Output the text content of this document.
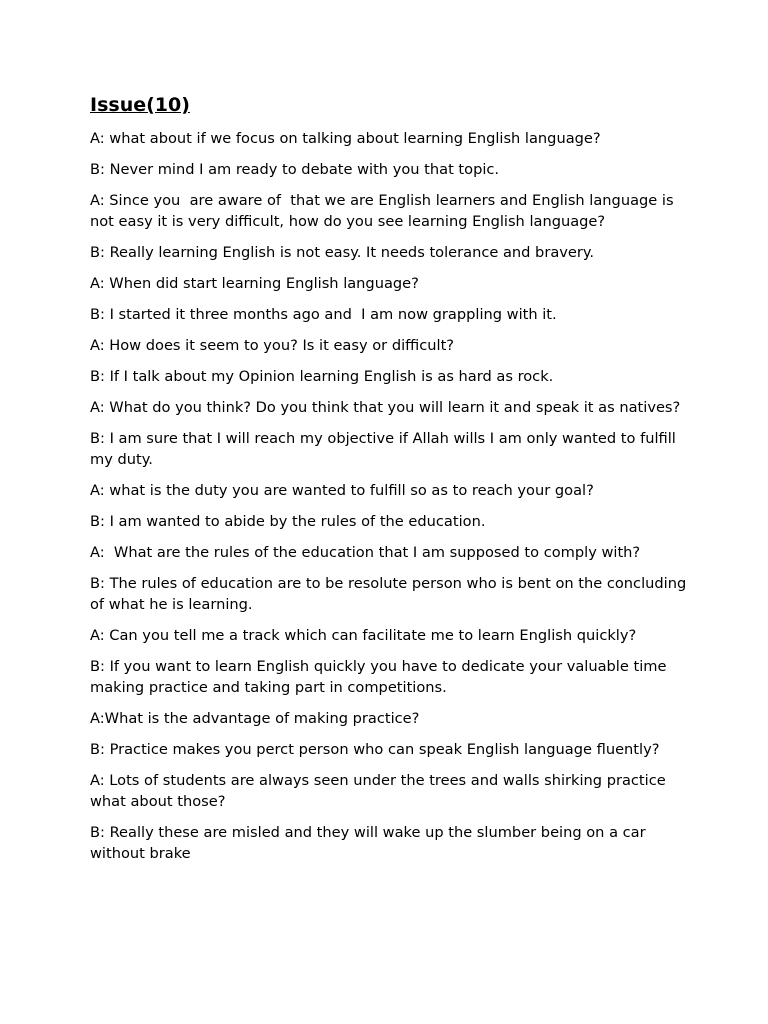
Issue(10)

A: what about if we focus on talking about learning English language?

B: Never mind I am ready to debate with you that topic.

A: Since you  are aware of  that we are English learners and English language is not easy it is very difficult, how do you see learning English language?

B: Really learning English is not easy. It needs tolerance and bravery.

A: When did start learning English language?

B: I started it three months ago and  I am now grappling with it.

A: How does it seem to you? Is it easy or difficult?

B: If I talk about my Opinion learning English is as hard as rock.

A: What do you think? Do you think that you will learn it and speak it as natives?

B: I am sure that I will reach my objective if Allah wills I am only wanted to fulfill my duty.

A: what is the duty you are wanted to fulfill so as to reach your goal?

B: I am wanted to abide by the rules of the education.

A:  What are the rules of the education that I am supposed to comply with?

B: The rules of education are to be resolute person who is bent on the concluding of what he is learning.

A: Can you tell me a track which can facilitate me to learn English quickly?

B: If you want to learn English quickly you have to dedicate your valuable time making practice and taking part in competitions.

A:What is the advantage of making practice?

B: Practice makes you perct person who can speak English language fluently?

A: Lots of students are always seen under the trees and walls shirking practice what about those?

B: Really these are misled and they will wake up the slumber being on a car without brake
